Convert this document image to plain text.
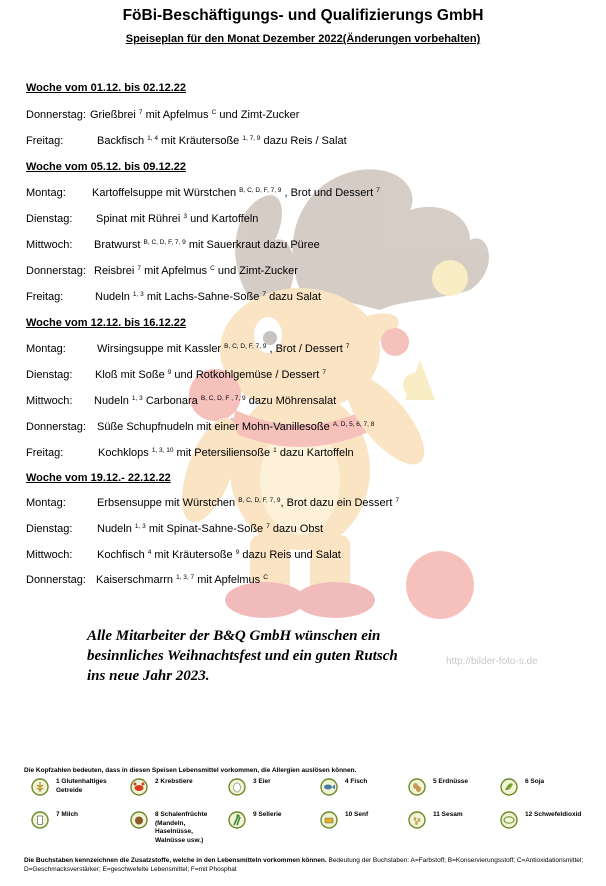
FöBi-Beschäftigungs- und Qualifizierungs GmbH
Speiseplan für den Monat Dezember 2022(Änderungen vorbehalten)
Woche vom 01.12. bis 02.12.22
Donnerstag: Grießbrei $^7$ mit Apfelmus $^C$ und Zimt-Zucker
Freitag:	Backfisch $^{1, 4}$ mit Kräutersoße $^{1, 7, 9}$ dazu Reis / Salat
Woche vom 05.12. bis 09.12.22
Montag: Kartoffelsuppe mit Würstchen $^{B, C, D, F, 7, 9}$ , Brot und Dessert $^7$
Dienstag: Spinat mit Rührei $^3$ und Kartoffeln
Mittwoch: Bratwurst $^{B, C, D, F, 7, 9}$ mit Sauerkraut dazu Püree
Donnerstag: Reisbrei $^7$ mit Apfelmus $^C$ und Zimt-Zucker
Freitag:	Nudeln $^{1, 3}$ mit Lachs-Sahne-Soße $^7$ dazu Salat
Woche vom 12.12. bis 16.12.22
Montag:	Wirsingsuppe mit Kassler $^{B, C, D, F, 7, 9}$ , Brot / Dessert $^7$
Dienstag: Kloß mit Soße $^9$ und Rotkohlgemüse / Dessert $^7$
Mittwoch: Nudeln $^{1, 3}$ Carbonara $^{B, C, D, F , 7, 9}$ dazu Möhrensalat
Donnerstag: Süße Schupfnudeln mit einer Mohn-Vanillesoße $^{A, D, 5, 6, 7, 8}$
Freitag:	Kochklops $^{1, 3, 10}$ mit Petersiliensoße $^1$ dazu Kartoffeln
Woche vom 19.12.- 22.12.22
Montag:	Erbsensuppe mit Würstchen $^{B, C, D, F, 7, 9}$, Brot dazu ein Dessert $^7$
Dienstag: Nudeln $^{1, 3}$ mit Spinat-Sahne-Soße $^7$ dazu Obst
Mittwoch: Kochfisch $^4$ mit Kräutersoße $^9$ dazu Reis und Salat
Donnerstag: Kaiserschmarrn $^{1, 3, 7}$ mit Apfelmus $^C$
Alle Mitarbeiter der B&Q GmbH wünschen ein
besinnliches Weihnachtsfest und ein guten Rutsch
ins neue Jahr 2023.
http://bilder-foto-s.de
Die Kopfzahlen bedeuten, dass in diesen Speisen Lebensmittel vorkommen, die Allergien auslösen können.
1 Glutenhaltiges Getreide
2 Krebstiere	3 Eier	4 Fisch	5 Erdnüsse	6 Soja
7 Milch	8 Schalenfrüchte (Mandeln, Haselnüsse, Walnüsse usw.)
9 Sellerie	10 Senf	11 Sesam	12 Schwefeldioxid
Die Buchstaben kennzeichnen die Zusatzstoffe, welche in den Lebensmitteln vorkommen können. Bedeutung der Buchstaben: A=Farbstoff; B=Konservierungsstoff; C=Antioxidationsmittel; D=Geschmacksverstärker; E=geschwefelte Lebensmittel; F=mit Phosphat
